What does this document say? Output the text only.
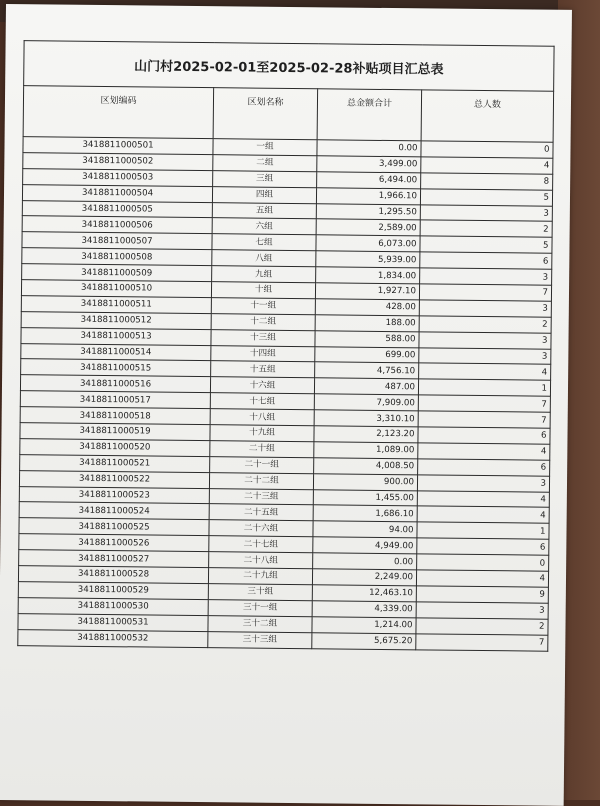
山门村2025-02-01至2025-02-28补贴项目汇总表			
区划编码	区划名称	总金额合计	总人数
3418811000501	一组	0.00	0
3418811000502	二组	3,499.00	4
3418811000503	三组	6,494.00	8
3418811000504	四组	1,966.10	5
3418811000505	五组	1,295.50	3
3418811000506	六组	2,589.00	2
3418811000507	七组	6,073.00	5
3418811000508	八组	5,939.00	6
3418811000509	九组	1,834.00	3
3418811000510	十组	1,927.10	7
3418811000511	十一组	428.00	3
3418811000512	十二组	188.00	2
3418811000513	十三组	588.00	3
3418811000514	十四组	699.00	3
3418811000515	十五组	4,756.10	4
3418811000516	十六组	487.00	1
3418811000517	十七组	7,909.00	7
3418811000518	十八组	3,310.10	7
3418811000519	十九组	2,123.20	6
3418811000520	二十组	1,089.00	4
3418811000521	二十一组	4,008.50	6
3418811000522	二十二组	900.00	3
3418811000523	二十三组	1,455.00	4
3418811000524	二十五组	1,686.10	4
3418811000525	二十六组	94.00	1
3418811000526	二十七组	4,949.00	6
3418811000527	二十八组	0.00	0
3418811000528	二十九组	2,249.00	4
3418811000529	三十组	12,463.10	9
3418811000530	三十一组	4,339.00	3
3418811000531	三十二组	1,214.00	2
3418811000532	三十三组	5,675.20	7
